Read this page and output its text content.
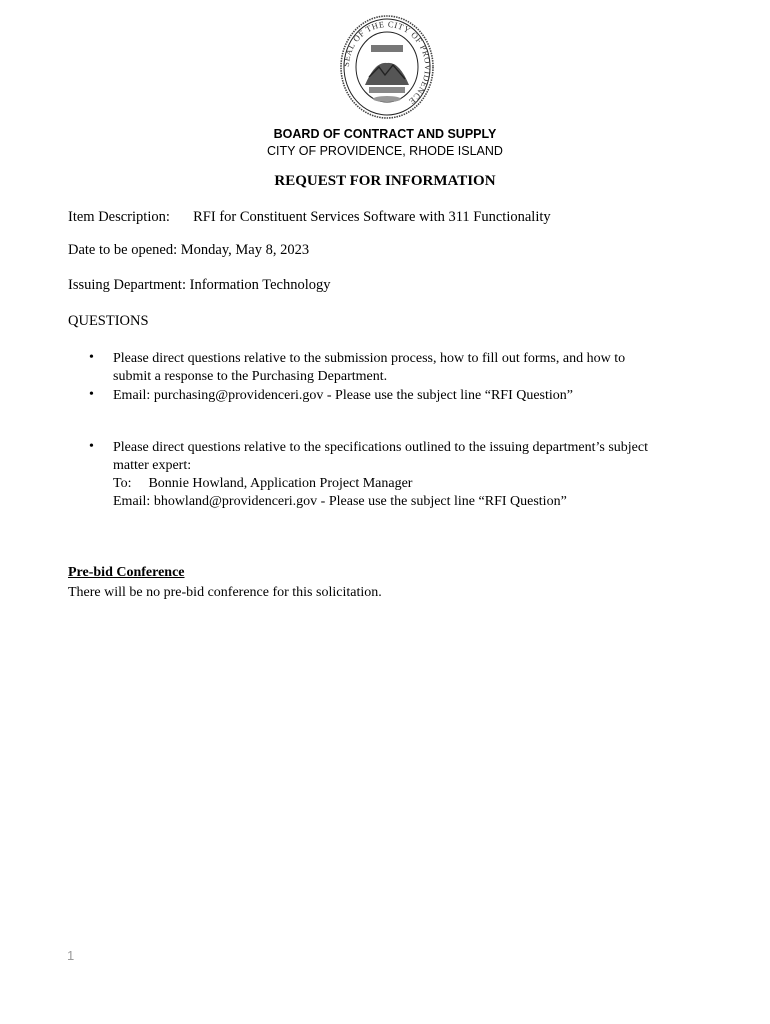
SEAL OF THE CITY OF PROVIDENCE
BOARD OF CONTRACT AND SUPPLY
CITY OF PROVIDENCE, RHODE ISLAND
REQUEST FOR INFORMATION
Item Description: RFI for Constituent Services Software with 311 Functionality
Date to be opened: Monday, May 8, 2023
Issuing Department: Information Technology
QUESTIONS
• Please direct questions relative to the submission process, how to fill out forms, and how to
submit a response to the Purchasing Department.
• Email: purchasing@providenceri.gov - Please use the subject line “RFI Question”
• Please direct questions relative to the specifications outlined to the issuing department’s subject
matter expert:
To: Bonnie Howland, Application Project Manager
Email: bhowland@providenceri.gov - Please use the subject line “RFI Question”
Pre-bid Conference
There will be no pre-bid conference for this solicitation.
1
